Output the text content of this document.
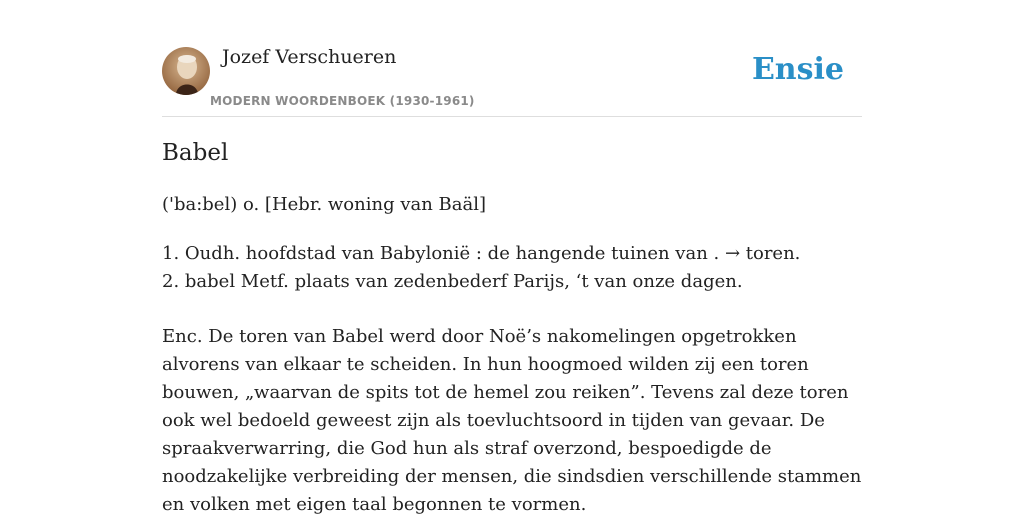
Jozef Verschueren
MODERN WOORDENBOEK (1930-1961)
Ensie
Babel
('ba:bel) o. [Hebr. woning van Baäl]
1. Oudh. hoofdstad van Babylonië : de hangende tuinen van . → toren.
2. babel Metf. plaats van zedenbederf Parijs, ‘t van onze dagen.

Enc. De toren van Babel werd door Noë’s nakomelingen opgetrokken alvorens van elkaar te scheiden. In hun hoogmoed wilden zij een toren bouwen, „waarvan de spits tot de hemel zou reiken”. Tevens zal deze toren ook wel bedoeld geweest zijn als toevluchtsoord in tijden van gevaar. De spraakverwarring, die God hun als straf overzond, bespoedigde de noodzakelijke verbreiding der mensen, die sindsdien verschillende stammen en volken met eigen taal begonnen te vormen.
